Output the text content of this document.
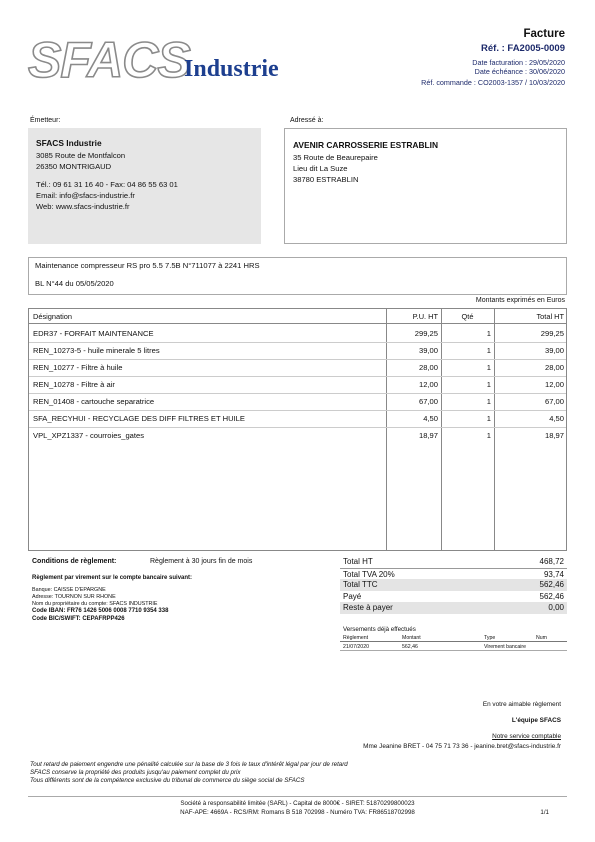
SFACS
Industrie
Facture
Réf. : FA2005-0009
Date facturation : 29/05/2020
Date échéance : 30/06/2020
Réf. commande : CO2003-1357 / 10/03/2020
Émetteur:
SFACS Industrie
3085 Route de Montfalcon
26350 MONTRIGAUD
Tél.: 09 61 31 16 40 - Fax: 04 86 55 63 01
Email: info@sfacs-industrie.fr
Web: www.sfacs-industrie.fr
Adressé à:
AVENIR CARROSSERIE ESTRABLIN
35 Route de Beaurepaire
Lieu dit La Suze
38780 ESTRABLIN
Maintenance compresseur RS pro 5.5 7.5B N°711077 à 2241 HRS
BL N°44 du 05/05/2020
Montants exprimés en Euros
Désignation	P.U. HT	Qté	Total HT
EDR37 - FORFAIT MAINTENANCE	299,25	1	299,25
REN_10273-5 - huile minerale 5 litres	39,00	1	39,00
REN_10277 - Filtre à huile	28,00	1	28,00
REN_10278 - Filtre à air	12,00	1	12,00
REN_01408 - cartouche separatrice	67,00	1	67,00
SFA_RECYHUI - RECYCLAGE DES DIFF FILTRES ET HUILE	4,50	1	4,50
VPL_XPZ1337 - courroies_gates	18,97	1	18,97
Conditions de règlement:	Règlement à 30 jours fin de mois
Règlement par virement sur le compte bancaire suivant:
Banque: CAISSE D'EPARGNE
Adresse: TOURNON SUR RHONE
Nom du propriétaire du compte: SFACS INDUSTRIE
Code IBAN: FR76 1426 5006 0008 7710 9354 338
Code BIC/SWIFT: CEPAFRPP426
Total HT	468,72
Total TVA 20%	93,74
Total TTC	562,46
Payé	562,46
Reste à payer	0,00
Versements déjà effectués
Règlement	Montant	Type	Num
21/07/2020	562,46	Virement bancaire
En votre aimable règlement
L'équipe SFACS
Notre service comptable
Mme Jeanine BRET - 04 75 71 73 36 - jeanine.bret@sfacs-industrie.fr
Tout retard de paiement engendre une pénalité calculée sur la base de 3 fois le taux d'intérêt légal par jour de retard
SFACS conserve la propriété des produits jusqu'au paiement complet du prix
Tous différents sont de la compétence exclusive du tribunal de commerce du siège social de SFACS
Société à responsabilité limitée (SARL) - Capital de 8000€ - SIRET: 51870299800023
NAF-APE: 4669A - RCS/RM: Romans B 518 702998 - Numéro TVA: FR86518702998	1/1
